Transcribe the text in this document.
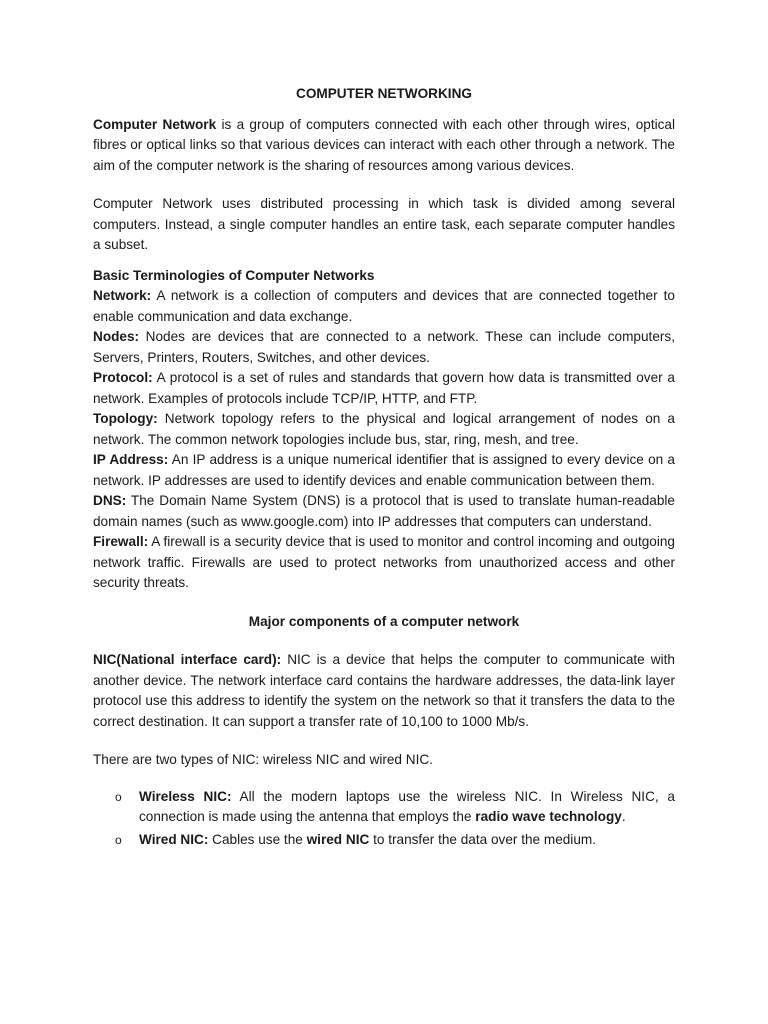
COMPUTER NETWORKING

Computer Network is a group of computers connected with each other through wires, optical fibres or optical links so that various devices can interact with each other through a network. The aim of the computer network is the sharing of resources among various devices.

Computer Network uses distributed processing in which task is divided among several computers. Instead, a single computer handles an entire task, each separate computer handles a subset.

Basic Terminologies of Computer Networks

Network: A network is a collection of computers and devices that are connected together to enable communication and data exchange.

Nodes: Nodes are devices that are connected to a network. These can include computers, Servers, Printers, Routers, Switches, and other devices.

Protocol: A protocol is a set of rules and standards that govern how data is transmitted over a network. Examples of protocols include TCP/IP, HTTP, and FTP.

Topology: Network topology refers to the physical and logical arrangement of nodes on a network. The common network topologies include bus, star, ring, mesh, and tree.

IP Address: An IP address is a unique numerical identifier that is assigned to every device on a network. IP addresses are used to identify devices and enable communication between them.

DNS: The Domain Name System (DNS) is a protocol that is used to translate human-readable domain names (such as www.google.com) into IP addresses that computers can understand.

Firewall: A firewall is a security device that is used to monitor and control incoming and outgoing network traffic. Firewalls are used to protect networks from unauthorized access and other security threats.

Major components of a computer network

NIC(National interface card): NIC is a device that helps the computer to communicate with another device. The network interface card contains the hardware addresses, the data-link layer protocol use this address to identify the system on the network so that it transfers the data to the correct destination. It can support a transfer rate of 10,100 to 1000 Mb/s.

There are two types of NIC: wireless NIC and wired NIC.

o Wireless NIC: All the modern laptops use the wireless NIC. In Wireless NIC, a connection is made using the antenna that employs the radio wave technology.
o Wired NIC: Cables use the wired NIC to transfer the data over the medium.
